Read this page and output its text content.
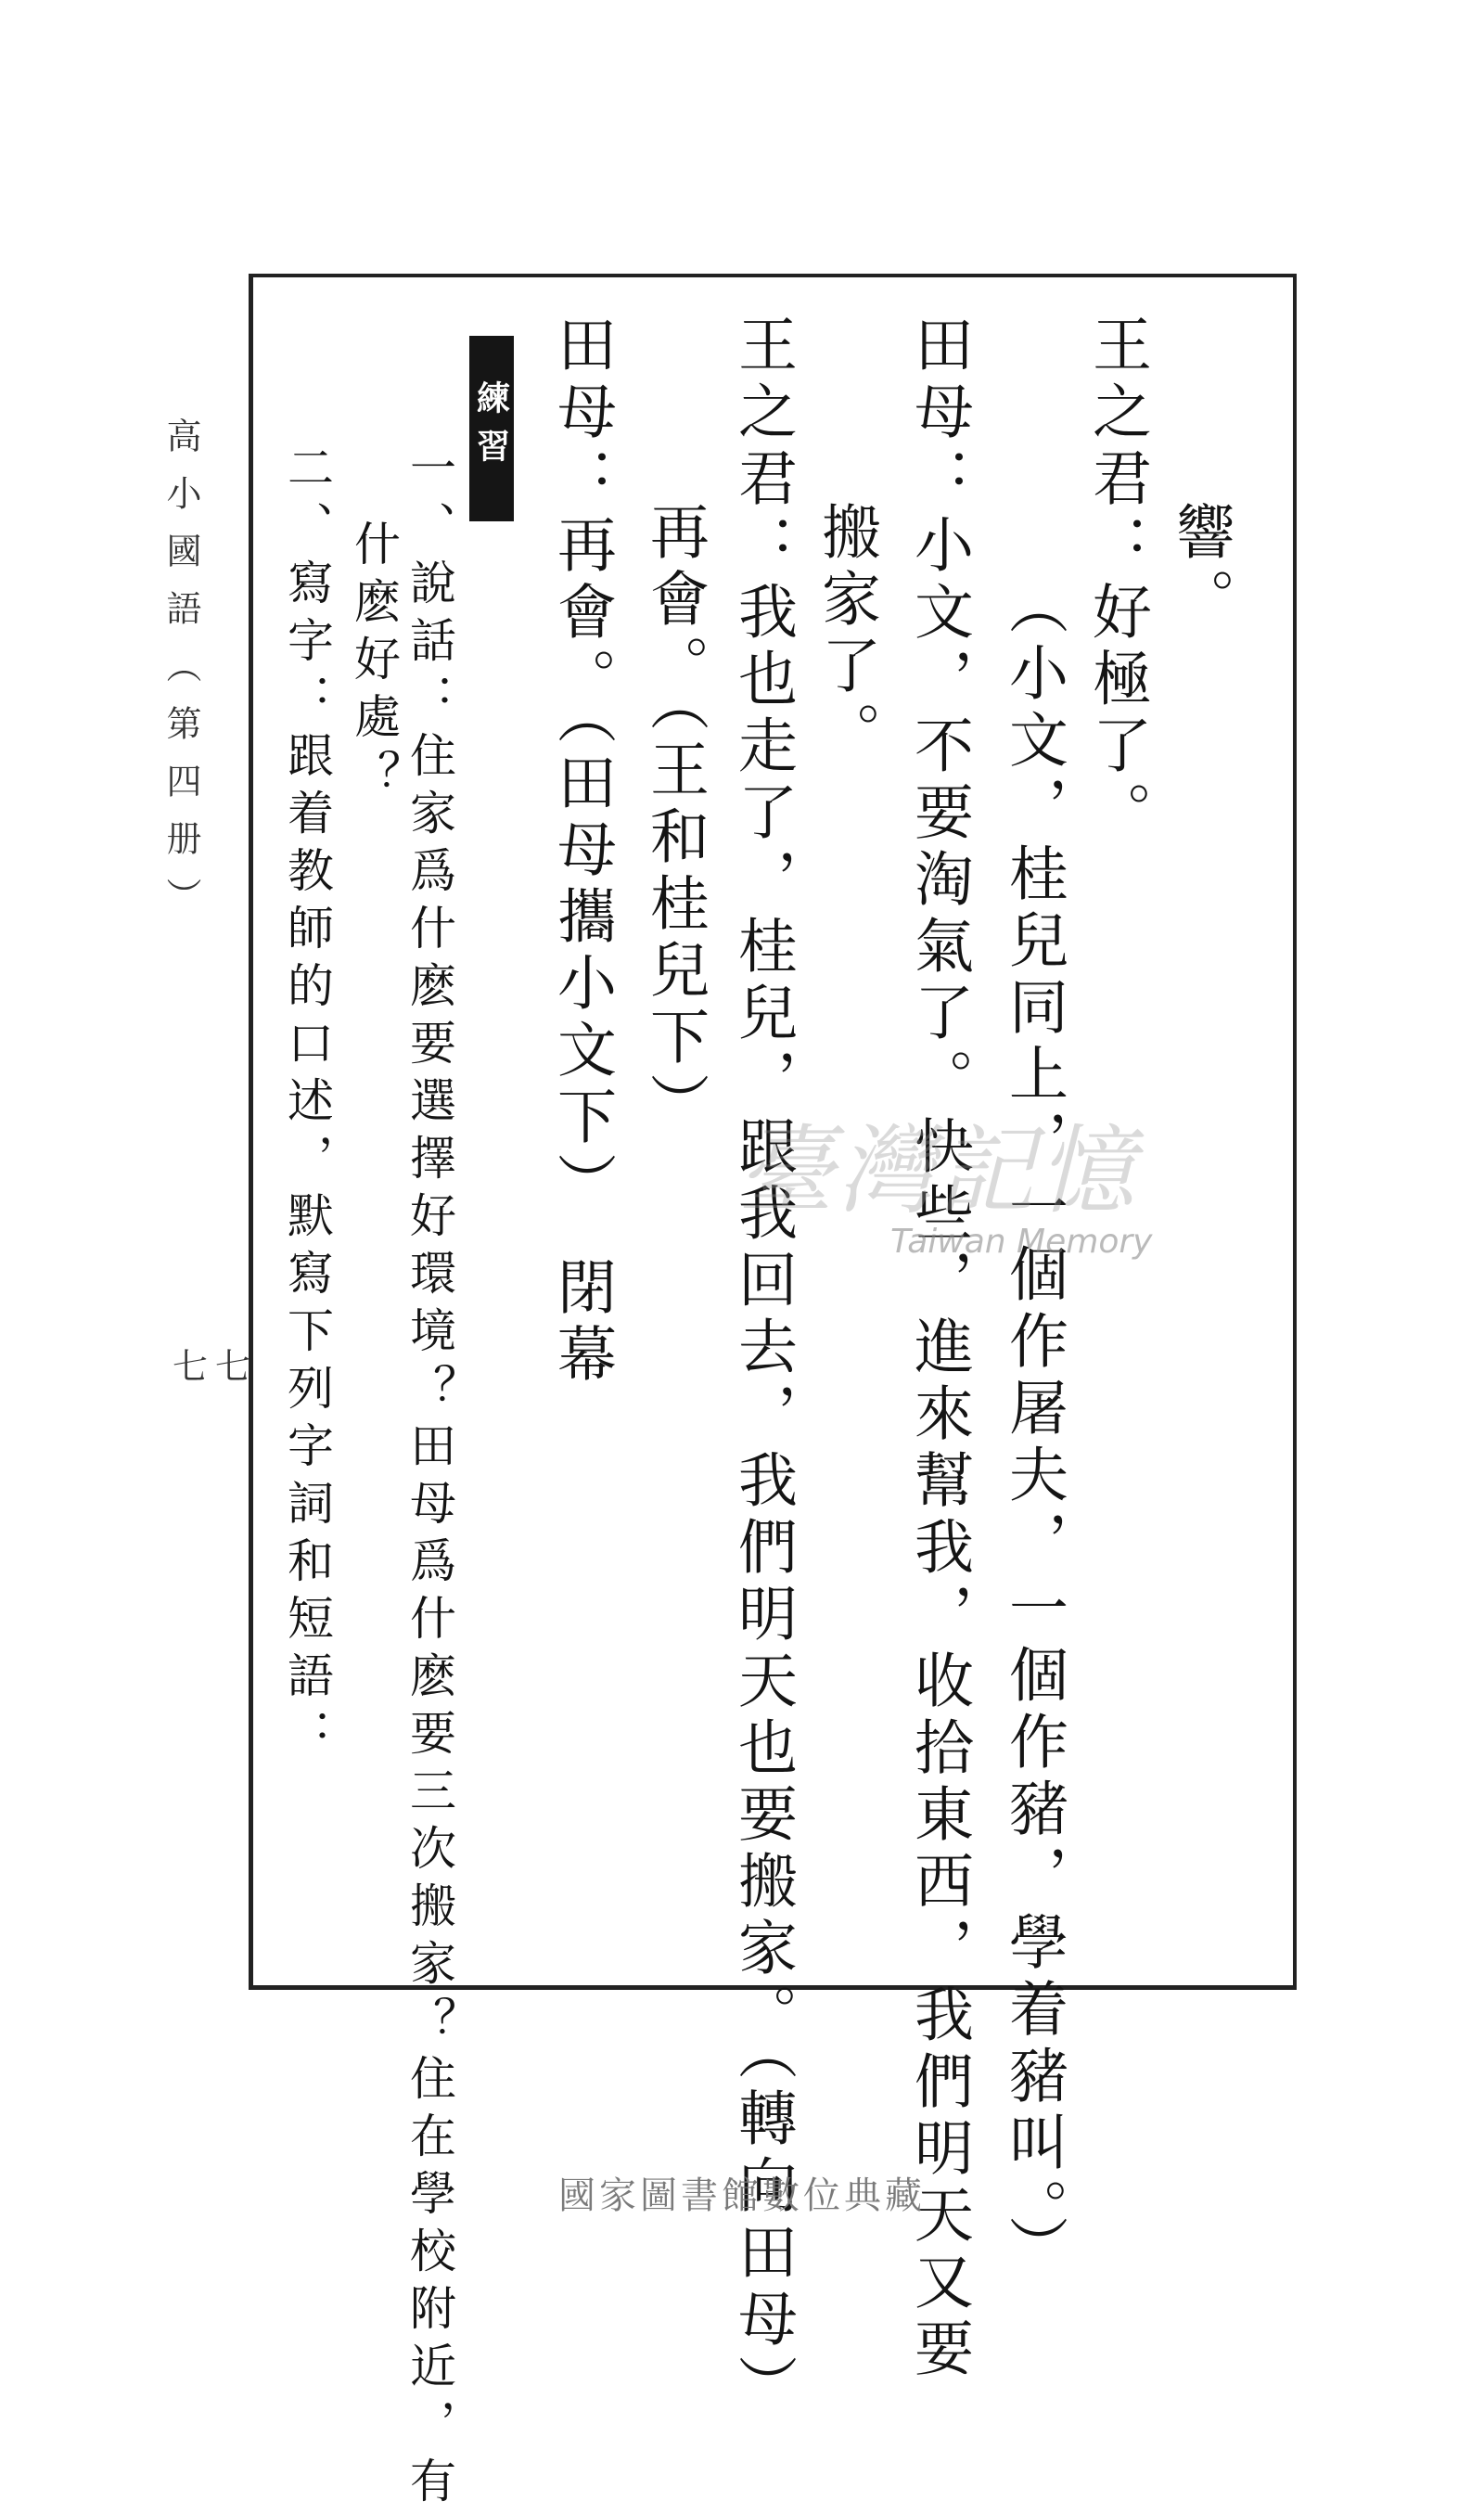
高小國語（第四册）
七七
響。
王之君：好極了。
（小文，桂兒同上，一個作屠夫，一個作豬，學着豬叫。）
田母：小文，不要淘氣了。快些，進來幫我，收拾東西，我們明天又要
搬家了。
王之君：我也走了，桂兒，跟我回去，我們明天也要搬家。（轉向田母）
再會。（王和桂兒下）
田母：再會。（田母攜小文下）　閉幕
練習
一、說話：住家爲什麽要選擇好環境？田母爲什麽要三次搬家？住在學校附近，有
什麽好處？
二、寫字：跟着教師的口述，默寫下列字詞和短語：	臺灣記憶
Taiwan Memory
國家圖書館數位典藏
